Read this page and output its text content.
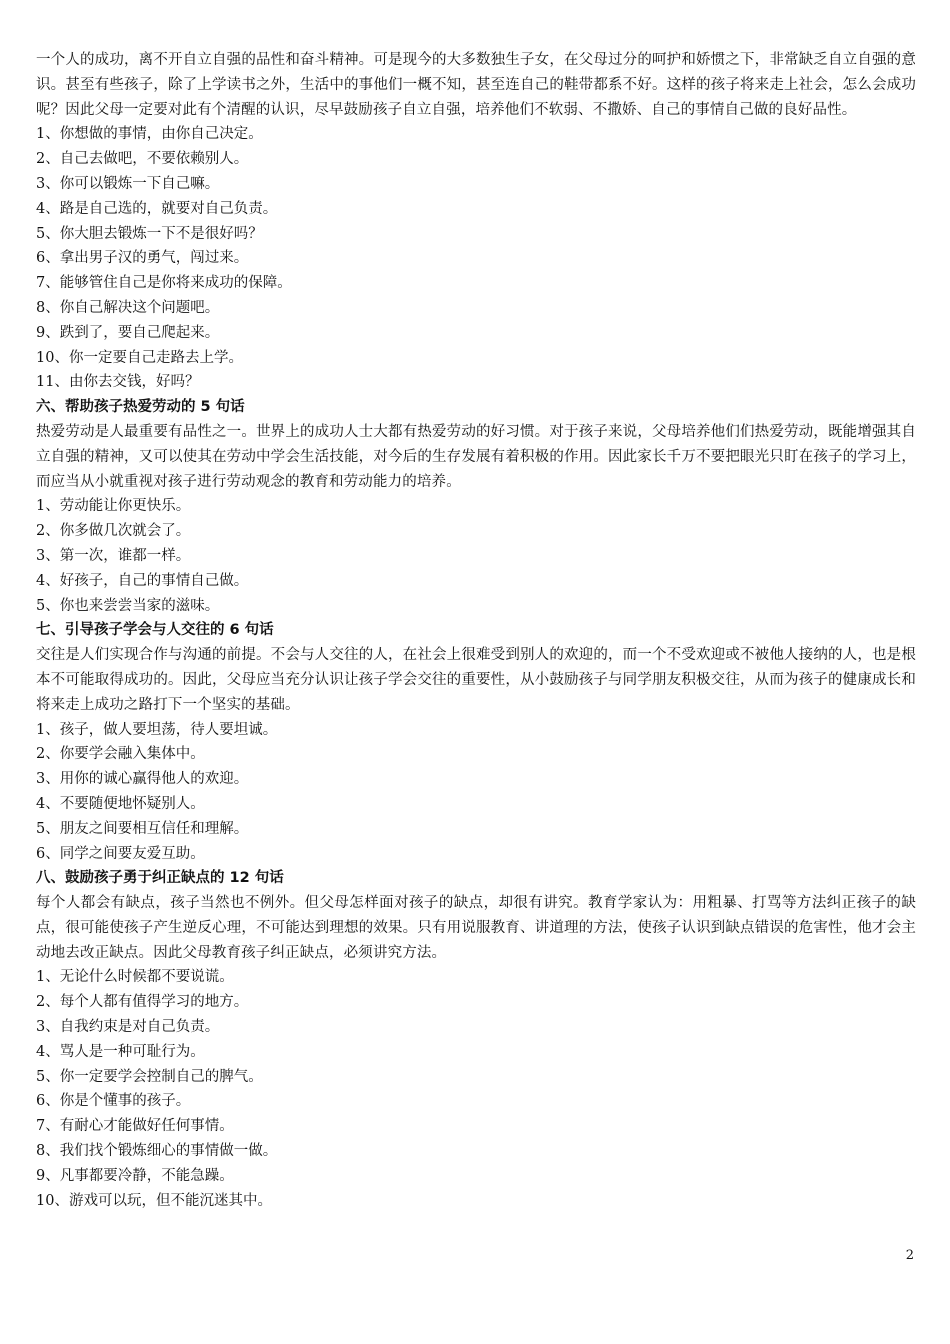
一个人的成功，离不开自立自强的品性和奋斗精神。可是现今的大多数独生子女，在父母过分的呵护和娇惯之下，非常缺乏自立自强的意识。甚至有些孩子，除了上学读书之外，生活中的事他们一概不知，甚至连自己的鞋带都系不好。这样的孩子将来走上社会，怎么会成功呢？因此父母一定要对此有个清醒的认识，尽早鼓励孩子自立自强，培养他们不软弱、不撒娇、自己的事情自己做的良好品性。

1、你想做的事情，由你自己决定。

2、自己去做吧，不要依赖别人。

3、你可以锻炼一下自己嘛。

4、路是自己选的，就要对自己负责。

5、你大胆去锻炼一下不是很好吗？

6、拿出男子汉的勇气，闯过来。

7、能够管住自己是你将来成功的保障。

8、你自己解决这个问题吧。

9、跌到了，要自己爬起来。

10、你一定要自己走路去上学。

11、由你去交钱，好吗？

六、帮助孩子热爱劳动的 5 句话

热爱劳动是人最重要有品性之一。世界上的成功人士大都有热爱劳动的好习惯。对于孩子来说，父母培养他们们热爱劳动，既能增强其自立自强的精神，又可以使其在劳动中学会生活技能，对今后的生存发展有着积极的作用。因此家长千万不要把眼光只盯在孩子的学习上，而应当从小就重视对孩子进行劳动观念的教育和劳动能力的培养。

1、劳动能让你更快乐。

2、你多做几次就会了。

3、第一次，谁都一样。

4、好孩子，自己的事情自己做。

5、你也来尝尝当家的滋味。

七、引导孩子学会与人交往的 6 句话

交往是人们实现合作与沟通的前提。不会与人交往的人，在社会上很难受到别人的欢迎的，而一个不受欢迎或不被他人接纳的人，也是根本不可能取得成功的。因此，父母应当充分认识让孩子学会交往的重要性，从小鼓励孩子与同学朋友积极交往，从而为孩子的健康成长和将来走上成功之路打下一个坚实的基础。

1、孩子，做人要坦荡，待人要坦诚。

2、你要学会融入集体中。

3、用你的诚心赢得他人的欢迎。

4、不要随便地怀疑别人。

5、朋友之间要相互信任和理解。

6、同学之间要友爱互助。

八、鼓励孩子勇于纠正缺点的 12 句话

每个人都会有缺点，孩子当然也不例外。但父母怎样面对孩子的缺点，却很有讲究。教育学家认为：用粗暴、打骂等方法纠正孩子的缺点，很可能使孩子产生逆反心理，不可能达到理想的效果。只有用说服教育、讲道理的方法，使孩子认识到缺点错误的危害性，他才会主动地去改正缺点。因此父母教育孩子纠正缺点，必须讲究方法。

1、无论什么时候都不要说谎。

2、每个人都有值得学习的地方。

3、自我约束是对自己负责。

4、骂人是一种可耻行为。

5、你一定要学会控制自己的脾气。

6、你是个懂事的孩子。

7、有耐心才能做好任何事情。

8、我们找个锻炼细心的事情做一做。

9、凡事都要冷静，不能急躁。

10、游戏可以玩，但不能沉迷其中。

2
